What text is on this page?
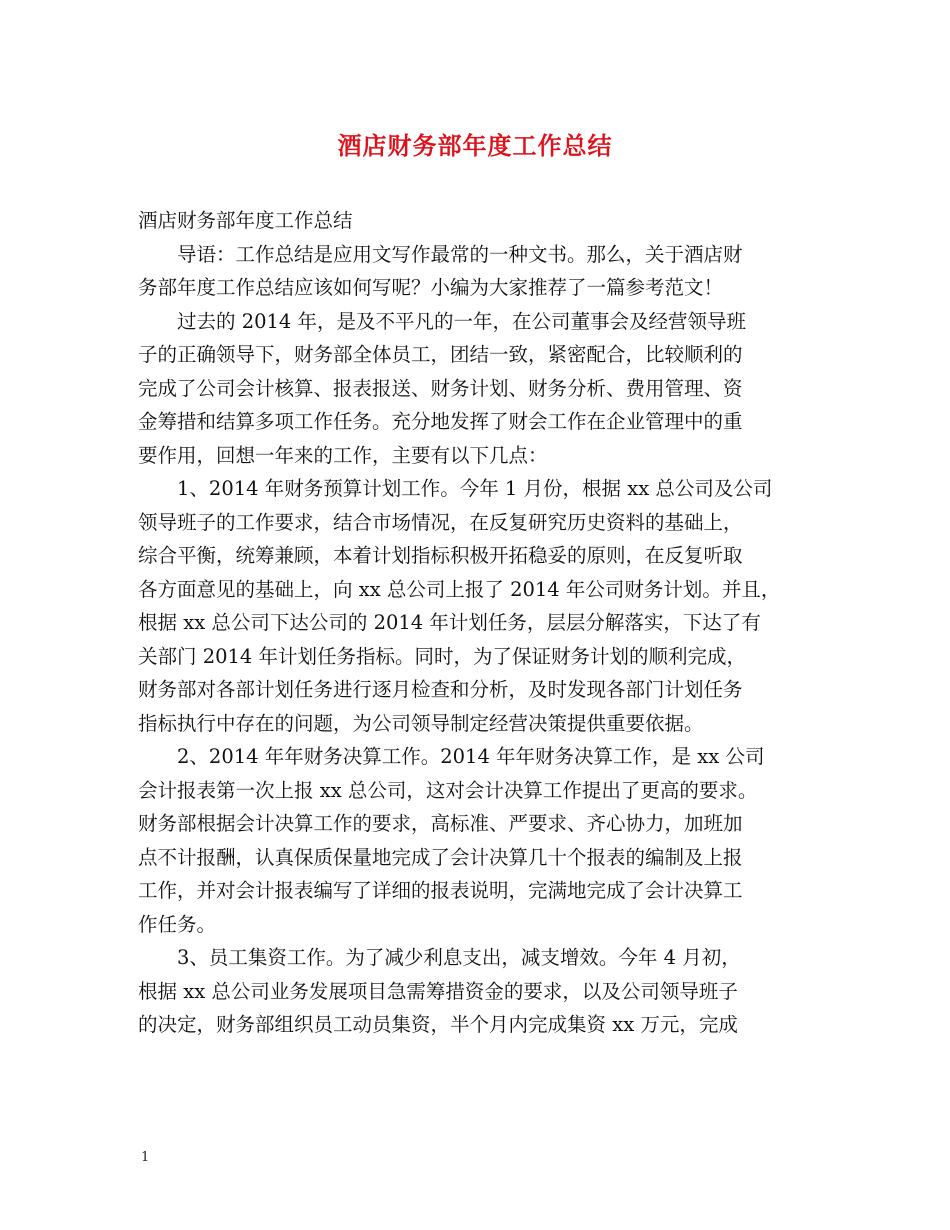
酒店财务部年度工作总结
酒店财务部年度工作总结
导语：工作总结是应用文写作最常的一种文书。那么，关于酒店财
务部年度工作总结应该如何写呢？小编为大家推荐了一篇参考范文！
过去的 2014 年，是及不平凡的一年，在公司董事会及经营领导班
子的正确领导下，财务部全体员工，团结一致，紧密配合，比较顺利的
完成了公司会计核算、报表报送、财务计划、财务分析、费用管理、资
金筹措和结算多项工作任务。充分地发挥了财会工作在企业管理中的重
要作用，回想一年来的工作，主要有以下几点：
1、2014 年财务预算计划工作。今年 1 月份，根据 xx 总公司及公司
领导班子的工作要求，结合市场情况，在反复研究历史资料的基础上，
综合平衡，统筹兼顾，本着计划指标积极开拓稳妥的原则，在反复听取
各方面意见的基础上，向 xx 总公司上报了 2014 年公司财务计划。并且，
根据 xx 总公司下达公司的 2014 年计划任务，层层分解落实，下达了有
关部门 2014 年计划任务指标。同时，为了保证财务计划的顺利完成，
财务部对各部计划任务进行逐月检查和分析，及时发现各部门计划任务
指标执行中存在的问题，为公司领导制定经营决策提供重要依据。
2、2014 年年财务决算工作。2014 年年财务决算工作，是 xx 公司
会计报表第一次上报 xx 总公司，这对会计决算工作提出了更高的要求。
财务部根据会计决算工作的要求，高标准、严要求、齐心协力，加班加
点不计报酬，认真保质保量地完成了会计决算几十个报表的编制及上报
工作，并对会计报表编写了详细的报表说明，完满地完成了会计决算工
作任务。
3、员工集资工作。为了减少利息支出，减支增效。今年 4 月初，
根据 xx 总公司业务发展项目急需筹措资金的要求，以及公司领导班子
的决定，财务部组织员工动员集资，半个月内完成集资 xx 万元，完成
1
